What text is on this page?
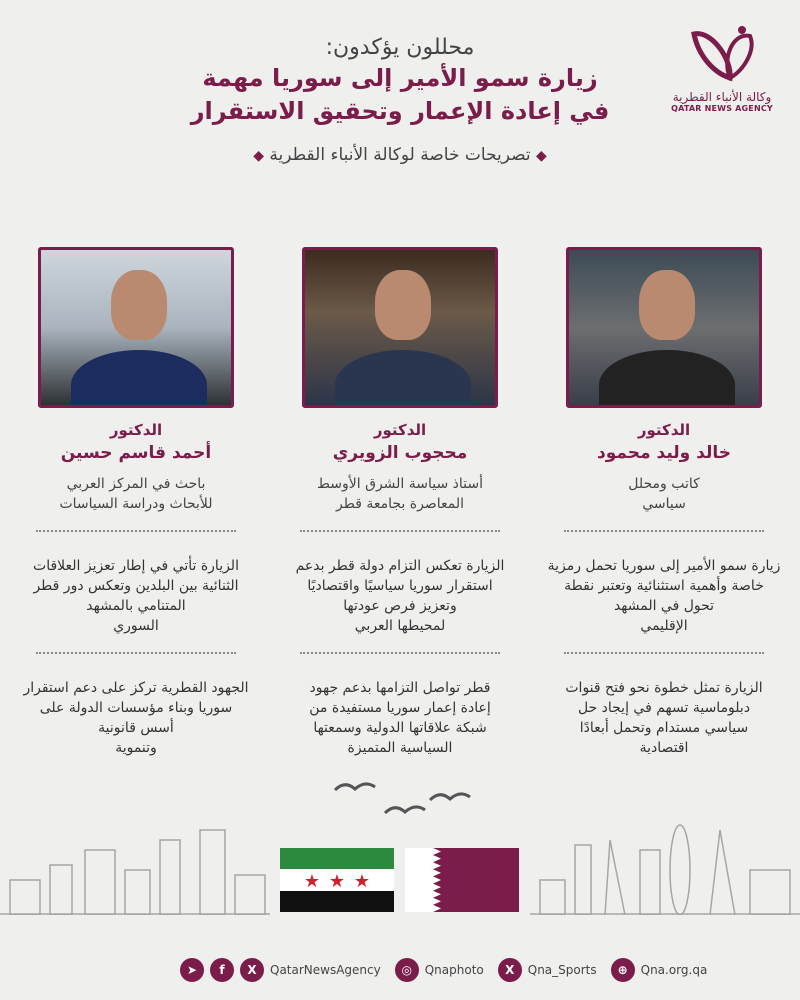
وكالة الأنباء القطرية
QATAR NEWS AGENCY
محللون يؤكدون:
زيارة سمو الأمير إلى سوريا مهمة
في إعادة الإعمار وتحقيق الاستقرار
◆ تصريحات خاصة لوكالة الأنباء القطرية ◆
الدكتور
خالد وليد محمود
كاتب ومحلل
سياسي
زيارة سمو الأمير إلى سوريا تحمل رمزية
خاصة وأهمية استثنائية وتعتبر نقطة
تحول في المشهد
الإقليمي
الزيارة تمثل خطوة نحو فتح قنوات
دبلوماسية تسهم في إيجاد حل
سياسي مستدام وتحمل أبعادًا
اقتصادية
الدكتور
محجوب الزويري
أستاذ سياسة الشرق الأوسط
المعاصرة بجامعة قطر
الزيارة تعكس التزام دولة قطر بدعم
استقرار سوريا سياسيًا واقتصاديًا
وتعزيز فرص عودتها
لمحيطها العربي
قطر تواصل التزامها بدعم جهود
إعادة إعمار سوريا مستفيدة من
شبكة علاقاتها الدولية وسمعتها
السياسية المتميزة
الدكتور
أحمد قاسم حسين
باحث في المركز العربي
للأبحاث ودراسة السياسات
الزيارة تأتي في إطار تعزيز العلاقات
الثنائية بين البلدين وتعكس دور قطر
المتنامي بالمشهد
السوري
الجهود القطرية تركز على دعم استقرار
سوريا وبناء مؤسسات الدولة على
أسس قانونية
وتنموية
★ ★ ★
➤	f	X	QatarNewsAgency	◎	Qnaphoto	X	Qna_Sports	⊕	Qna.org.qa
